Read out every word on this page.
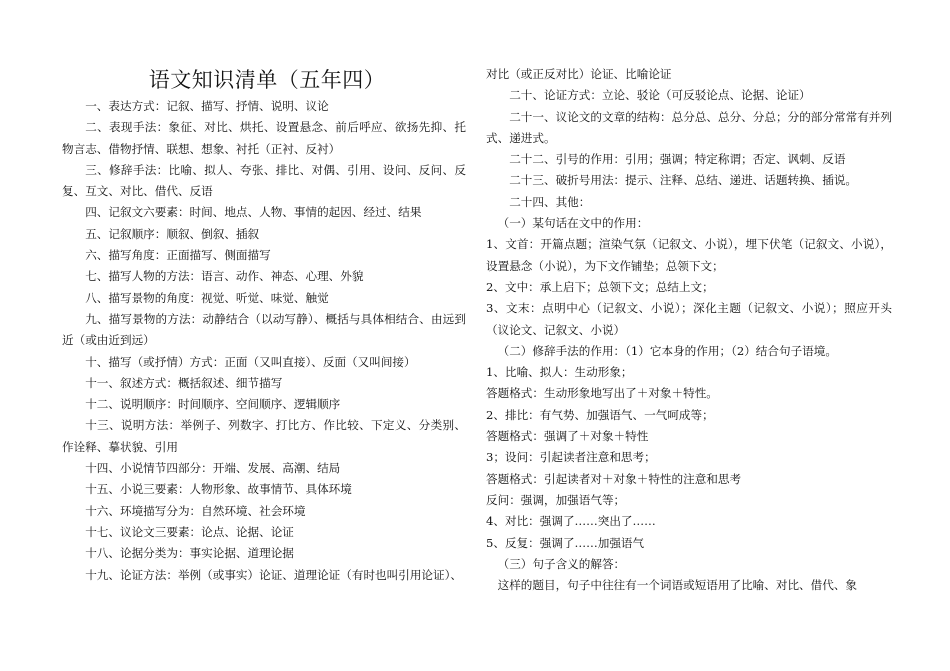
语文知识清单（五年四）

一、表达方式：记叙、描写、抒情、说明、议论

二、表现手法：象征、对比、烘托、设置悬念、前后呼应、欲扬先抑、托物言志、借物抒情、联想、想象、衬托（正衬、反衬）

三、修辞手法：比喻、拟人、夸张、排比、对偶、引用、设问、反问、反复、互文、对比、借代、反语

四、记叙文六要素：时间、地点、人物、事情的起因、经过、结果

五、记叙顺序：顺叙、倒叙、插叙

六、描写角度：正面描写、侧面描写

七、描写人物的方法：语言、动作、神态、心理、外貌

八、描写景物的角度：视觉、听觉、味觉、触觉

九、描写景物的方法：动静结合（以动写静）、概括与具体相结合、由远到近（或由近到远）

十、描写（或抒情）方式：正面（又叫直接）、反面（又叫间接）

十一、叙述方式：概括叙述、细节描写

十二、说明顺序：时间顺序、空间顺序、逻辑顺序

十三、说明方法：举例子、列数字、打比方、作比较、下定义、分类别、作诠释、摹状貌、引用

十四、小说情节四部分：开端、发展、高潮、结局

十五、小说三要素：人物形象、故事情节、具体环境

十六、环境描写分为：自然环境、社会环境

十七、议论文三要素：论点、论据、论证

十八、论据分类为：事实论据、道理论据

十九、论证方法：举例（或事实）论证、道理论证（有时也叫引用论证）、

对比（或正反对比）论证、比喻论证

二十、论证方式：立论、驳论（可反驳论点、论据、论证）

二十一、议论文的文章的结构：总分总、总分、分总；分的部分常常有并列式、递进式。

二十二、引号的作用：引用；强调；特定称谓；否定、讽刺、反语

二十三、破折号用法：提示、注释、总结、递进、话题转换、插说。

二十四、其他：

（一）某句话在文中的作用：

1、文首：开篇点题；渲染气氛（记叙文、小说），埋下伏笔（记叙文、小说），设置悬念（小说），为下文作铺垫；总领下文；

2、文中：承上启下；总领下文；总结上文；

3、文末：点明中心（记叙文、小说）；深化主题（记叙文、小说）；照应开头（议论文、记叙文、小说）

（二）修辞手法的作用：（1）它本身的作用；（2）结合句子语境。

1、比喻、拟人：生动形象；

答题格式：生动形象地写出了＋对象＋特性。

2、排比：有气势、加强语气、一气呵成等；

答题格式：强调了＋对象＋特性

3；设问：引起读者注意和思考；

答题格式：引起读者对＋对象＋特性的注意和思考

反问：强调，加强语气等；

4、对比：强调了……突出了……

5、反复：强调了……加强语气

（三）句子含义的解答：

这样的题目，句子中往往有一个词语或短语用了比喻、对比、借代、象
